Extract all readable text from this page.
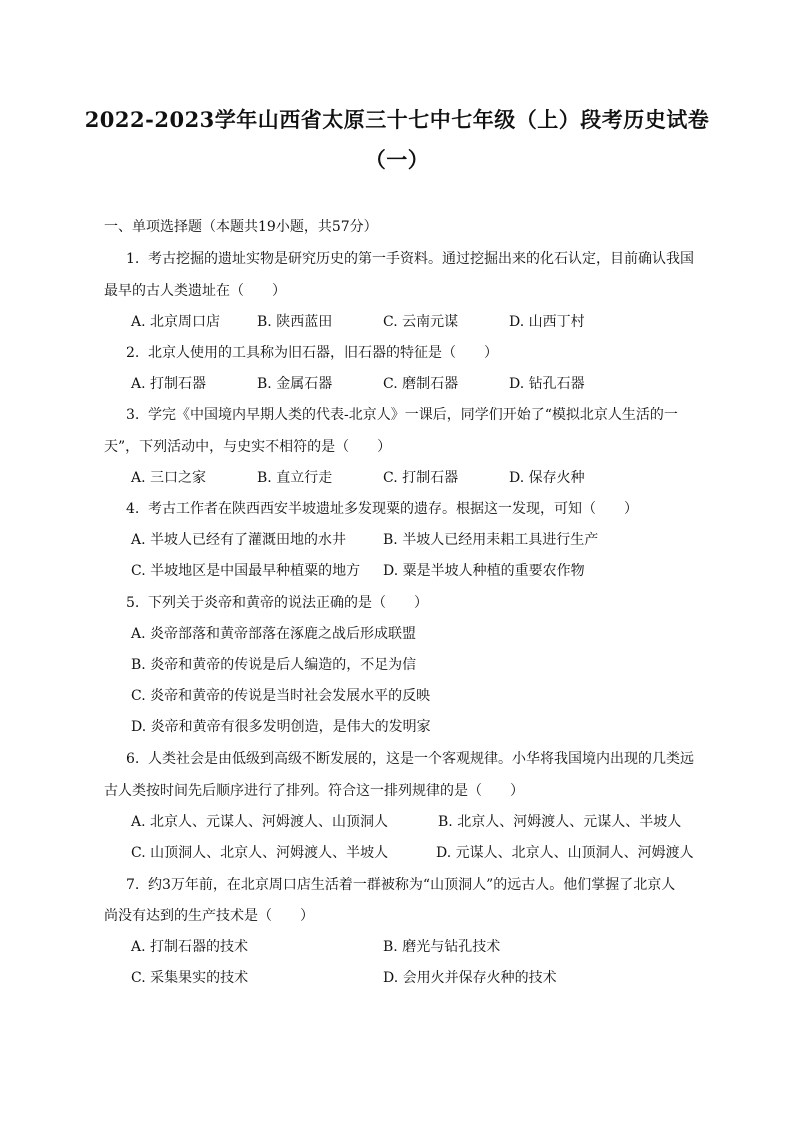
2022-2023学年山西省太原三十七中七年级（上）段考历史试卷
（一）
一、单项选择题（本题共19小题，共57分）
1. 考古挖掘的遗址实物是研究历史的第一手资料。通过挖掘出来的化石认定，目前确认我国
最早的古人类遗址在（　　）
A. 北京周口店	B. 陕西蓝田	C. 云南元谋	D. 山西丁村
2. 北京人使用的工具称为旧石器，旧石器的特征是（　　）
A. 打制石器	B. 金属石器	C. 磨制石器	D. 钻孔石器
3. 学完《中国境内早期人类的代表-北京人》一课后，同学们开始了“模拟北京人生活的一
天”，下列活动中，与史实不相符的是（　　）
A. 三口之家	B. 直立行走	C. 打制石器	D. 保存火种
4. 考古工作者在陕西西安半坡遗址多发现粟的遗存。根据这一发现，可知（　　）
A. 半坡人已经有了灌溉田地的水井	B. 半坡人已经用耒耜工具进行生产
C. 半坡地区是中国最早种植粟的地方 D. 粟是半坡人种植的重要农作物
5. 下列关于炎帝和黄帝的说法正确的是（　　）
A. 炎帝部落和黄帝部落在涿鹿之战后形成联盟
B. 炎帝和黄帝的传说是后人编造的，不足为信
C. 炎帝和黄帝的传说是当时社会发展水平的反映
D. 炎帝和黄帝有很多发明创造，是伟大的发明家
6. 人类社会是由低级到高级不断发展的，这是一个客观规律。小华将我国境内出现的几类远
古人类按时间先后顺序进行了排列。符合这一排列规律的是（　　）
A. 北京人、元谋人、河姆渡人、山顶洞人	B. 北京人、河姆渡人、元谋人、半坡人
C. 山顶洞人、北京人、河姆渡人、半坡人	D. 元谋人、北京人、山顶洞人、河姆渡人
7. 约3万年前，在北京周口店生活着一群被称为“山顶洞人”的远古人。他们掌握了北京人
尚没有达到的生产技术是（　　）
A. 打制石器的技术	B. 磨光与钻孔技术
C. 采集果实的技术	D. 会用火并保存火种的技术
